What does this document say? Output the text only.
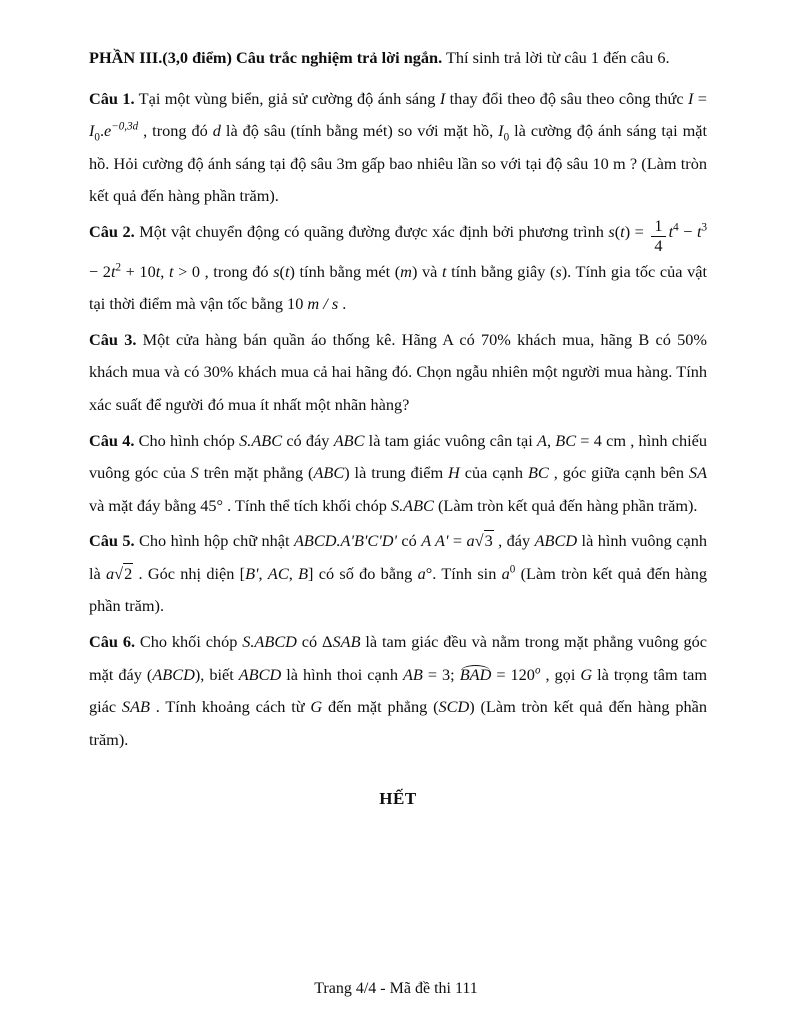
PHẦN III.(3,0 điểm) Câu trắc nghiệm trả lời ngắn. Thí sinh trả lời từ câu 1 đến câu 6.

Câu 1. Tại một vùng biển, giả sử cường độ ánh sáng I thay đổi theo độ sâu theo công thức $I = I_0.e^{-0,3d}$ , trong đó d là độ sâu (tính bằng mét) so với mặt hồ, $I_0$ là cường độ ánh sáng tại mặt hồ. Hỏi cường độ ánh sáng tại độ sâu 3m gấp bao nhiêu lần so với tại độ sâu 10 m ? (Làm tròn kết quả đến hàng phần trăm).

Câu 2. Một vật chuyển động có quãng đường được xác định bởi phương trình $s(t) = \frac{1}{4} t^4 - t^3 - 2t^2 + 10t$, t > 0 , trong đó s(t) tính bằng mét (m) và t tính bằng giây (s). Tính gia tốc của vật tại thời điểm mà vận tốc bằng 10 m / s .

Câu 3. Một cửa hàng bán quần áo thống kê. Hãng A có 70% khách mua, hãng B có 50% khách mua và có 30% khách mua cả hai hãng đó. Chọn ngẫu nhiên một người mua hàng. Tính xác suất để người đó mua ít nhất một nhãn hàng?

Câu 4. Cho hình chóp S.ABC có đáy ABC là tam giác vuông cân tại A, BC = 4 cm , hình chiếu vuông góc của S trên mặt phẳng (ABC) là trung điểm H của cạnh BC , góc giữa cạnh bên SA và mặt đáy bằng 45° . Tính thể tích khối chóp S.ABC (Làm tròn kết quả đến hàng phần trăm).

Câu 5. Cho hình hộp chữ nhật ABCD.A'B'C'D' có A A' = a√3 , đáy ABCD là hình vuông cạnh là a√2 . Góc nhị diện [B', AC, B] có số đo bằng a°. Tính $\sin a^0$ (Làm tròn kết quả đến hàng phần trăm).

Câu 6. Cho khối chóp S.ABCD có ΔSAB là tam giác đều và nằm trong mặt phẳng vuông góc mặt đáy (ABCD), biết ABCD là hình thoi cạnh AB = 3; BAD = $120^o$ , gọi G là trọng tâm tam giác SAB . Tính khoảng cách từ G đến mặt phẳng (SCD) (Làm tròn kết quả đến hàng phần trăm).

HẾT

Trang 4/4 - Mã đề thi 111
